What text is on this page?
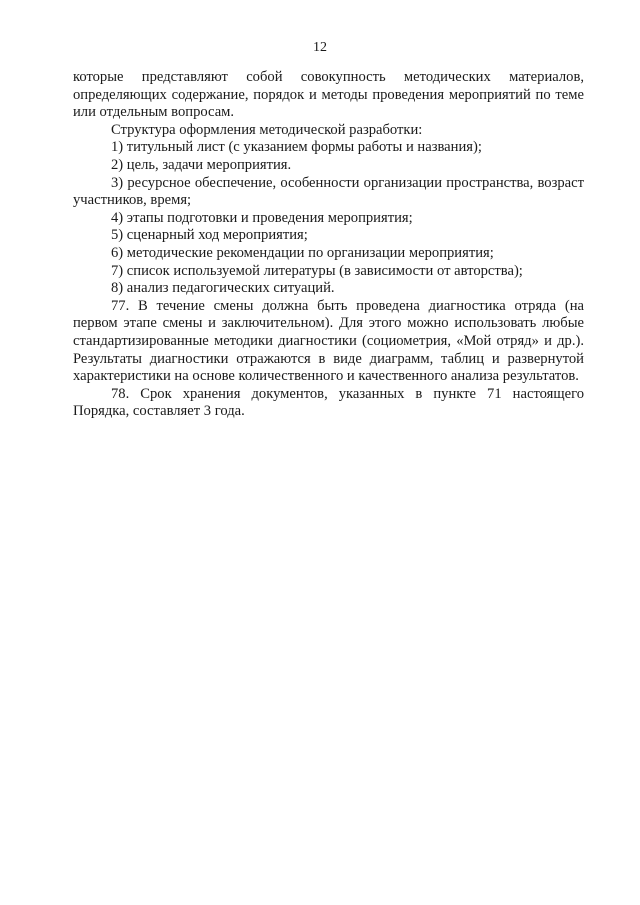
12

которые представляют собой совокупность методических материалов, определяющих содержание, порядок и методы проведения мероприятий по теме или отдельным вопросам.

Структура оформления методической разработки:

1) титульный лист (с указанием формы работы и названия);

2) цель, задачи мероприятия.

3) ресурсное обеспечение, особенности организации пространства, возраст участников, время;

4) этапы подготовки и проведения мероприятия;

5) сценарный ход мероприятия;

6) методические рекомендации по организации мероприятия;

7) список используемой литературы (в зависимости от авторства);

8) анализ педагогических ситуаций.

77. В течение смены должна быть проведена диагностика отряда (на первом этапе смены и заключительном). Для этого можно использовать любые стандартизированные методики диагностики (социометрия, «Мой отряд» и др.). Результаты диагностики отражаются в виде диаграмм, таблиц и развернутой характеристики на основе количественного и качественного анализа результатов.

78. Срок хранения документов, указанных в пункте 71 настоящего Порядка, составляет 3 года.
